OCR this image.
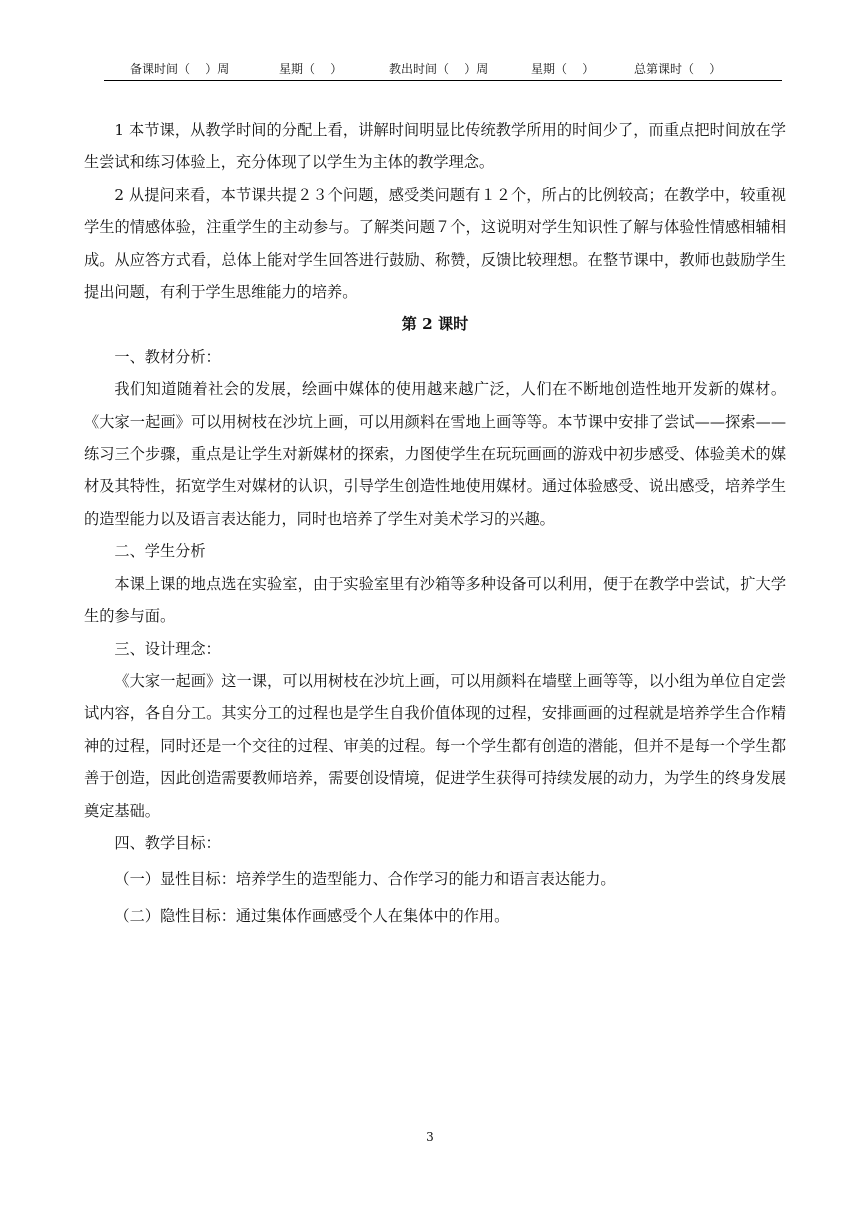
备课时间（    ）周	星期（    ）	教出时间（    ）周	星期（    ）	总第课时（    ）

1 本节课，从教学时间的分配上看，讲解时间明显比传统教学所用的时间少了，而重点把时间放在学生尝试和练习体验上，充分体现了以学生为主体的教学理念。

2 从提问来看，本节课共提２３个问题，感受类问题有１２个，所占的比例较高；在教学中，较重视学生的情感体验，注重学生的主动参与。了解类问题７个，这说明对学生知识性了解与体验性情感相辅相成。从应答方式看，总体上能对学生回答进行鼓励、称赞，反馈比较理想。在整节课中，教师也鼓励学生提出问题，有利于学生思维能力的培养。

第 2 课时

一、教材分析：

我们知道随着社会的发展，绘画中媒体的使用越来越广泛，人们在不断地创造性地开发新的媒材。《大家一起画》可以用树枝在沙坑上画，可以用颜料在雪地上画等等。本节课中安排了尝试——探索——练习三个步骤，重点是让学生对新媒材的探索，力图使学生在玩玩画画的游戏中初步感受、体验美术的媒材及其特性，拓宽学生对媒材的认识，引导学生创造性地使用媒材。通过体验感受、说出感受，培养学生的造型能力以及语言表达能力，同时也培养了学生对美术学习的兴趣。

二、学生分析

本课上课的地点选在实验室，由于实验室里有沙箱等多种设备可以利用，便于在教学中尝试，扩大学生的参与面。

三、设计理念：

《大家一起画》这一课，可以用树枝在沙坑上画，可以用颜料在墙壁上画等等，以小组为单位自定尝试内容，各自分工。其实分工的过程也是学生自我价值体现的过程，安排画画的过程就是培养学生合作精神的过程，同时还是一个交往的过程、审美的过程。每一个学生都有创造的潜能，但并不是每一个学生都善于创造，因此创造需要教师培养，需要创设情境，促进学生获得可持续发展的动力，为学生的终身发展奠定基础。

四、教学目标：

（一）显性目标：培养学生的造型能力、合作学习的能力和语言表达能力。

（二）隐性目标：通过集体作画感受个人在集体中的作用。

3
